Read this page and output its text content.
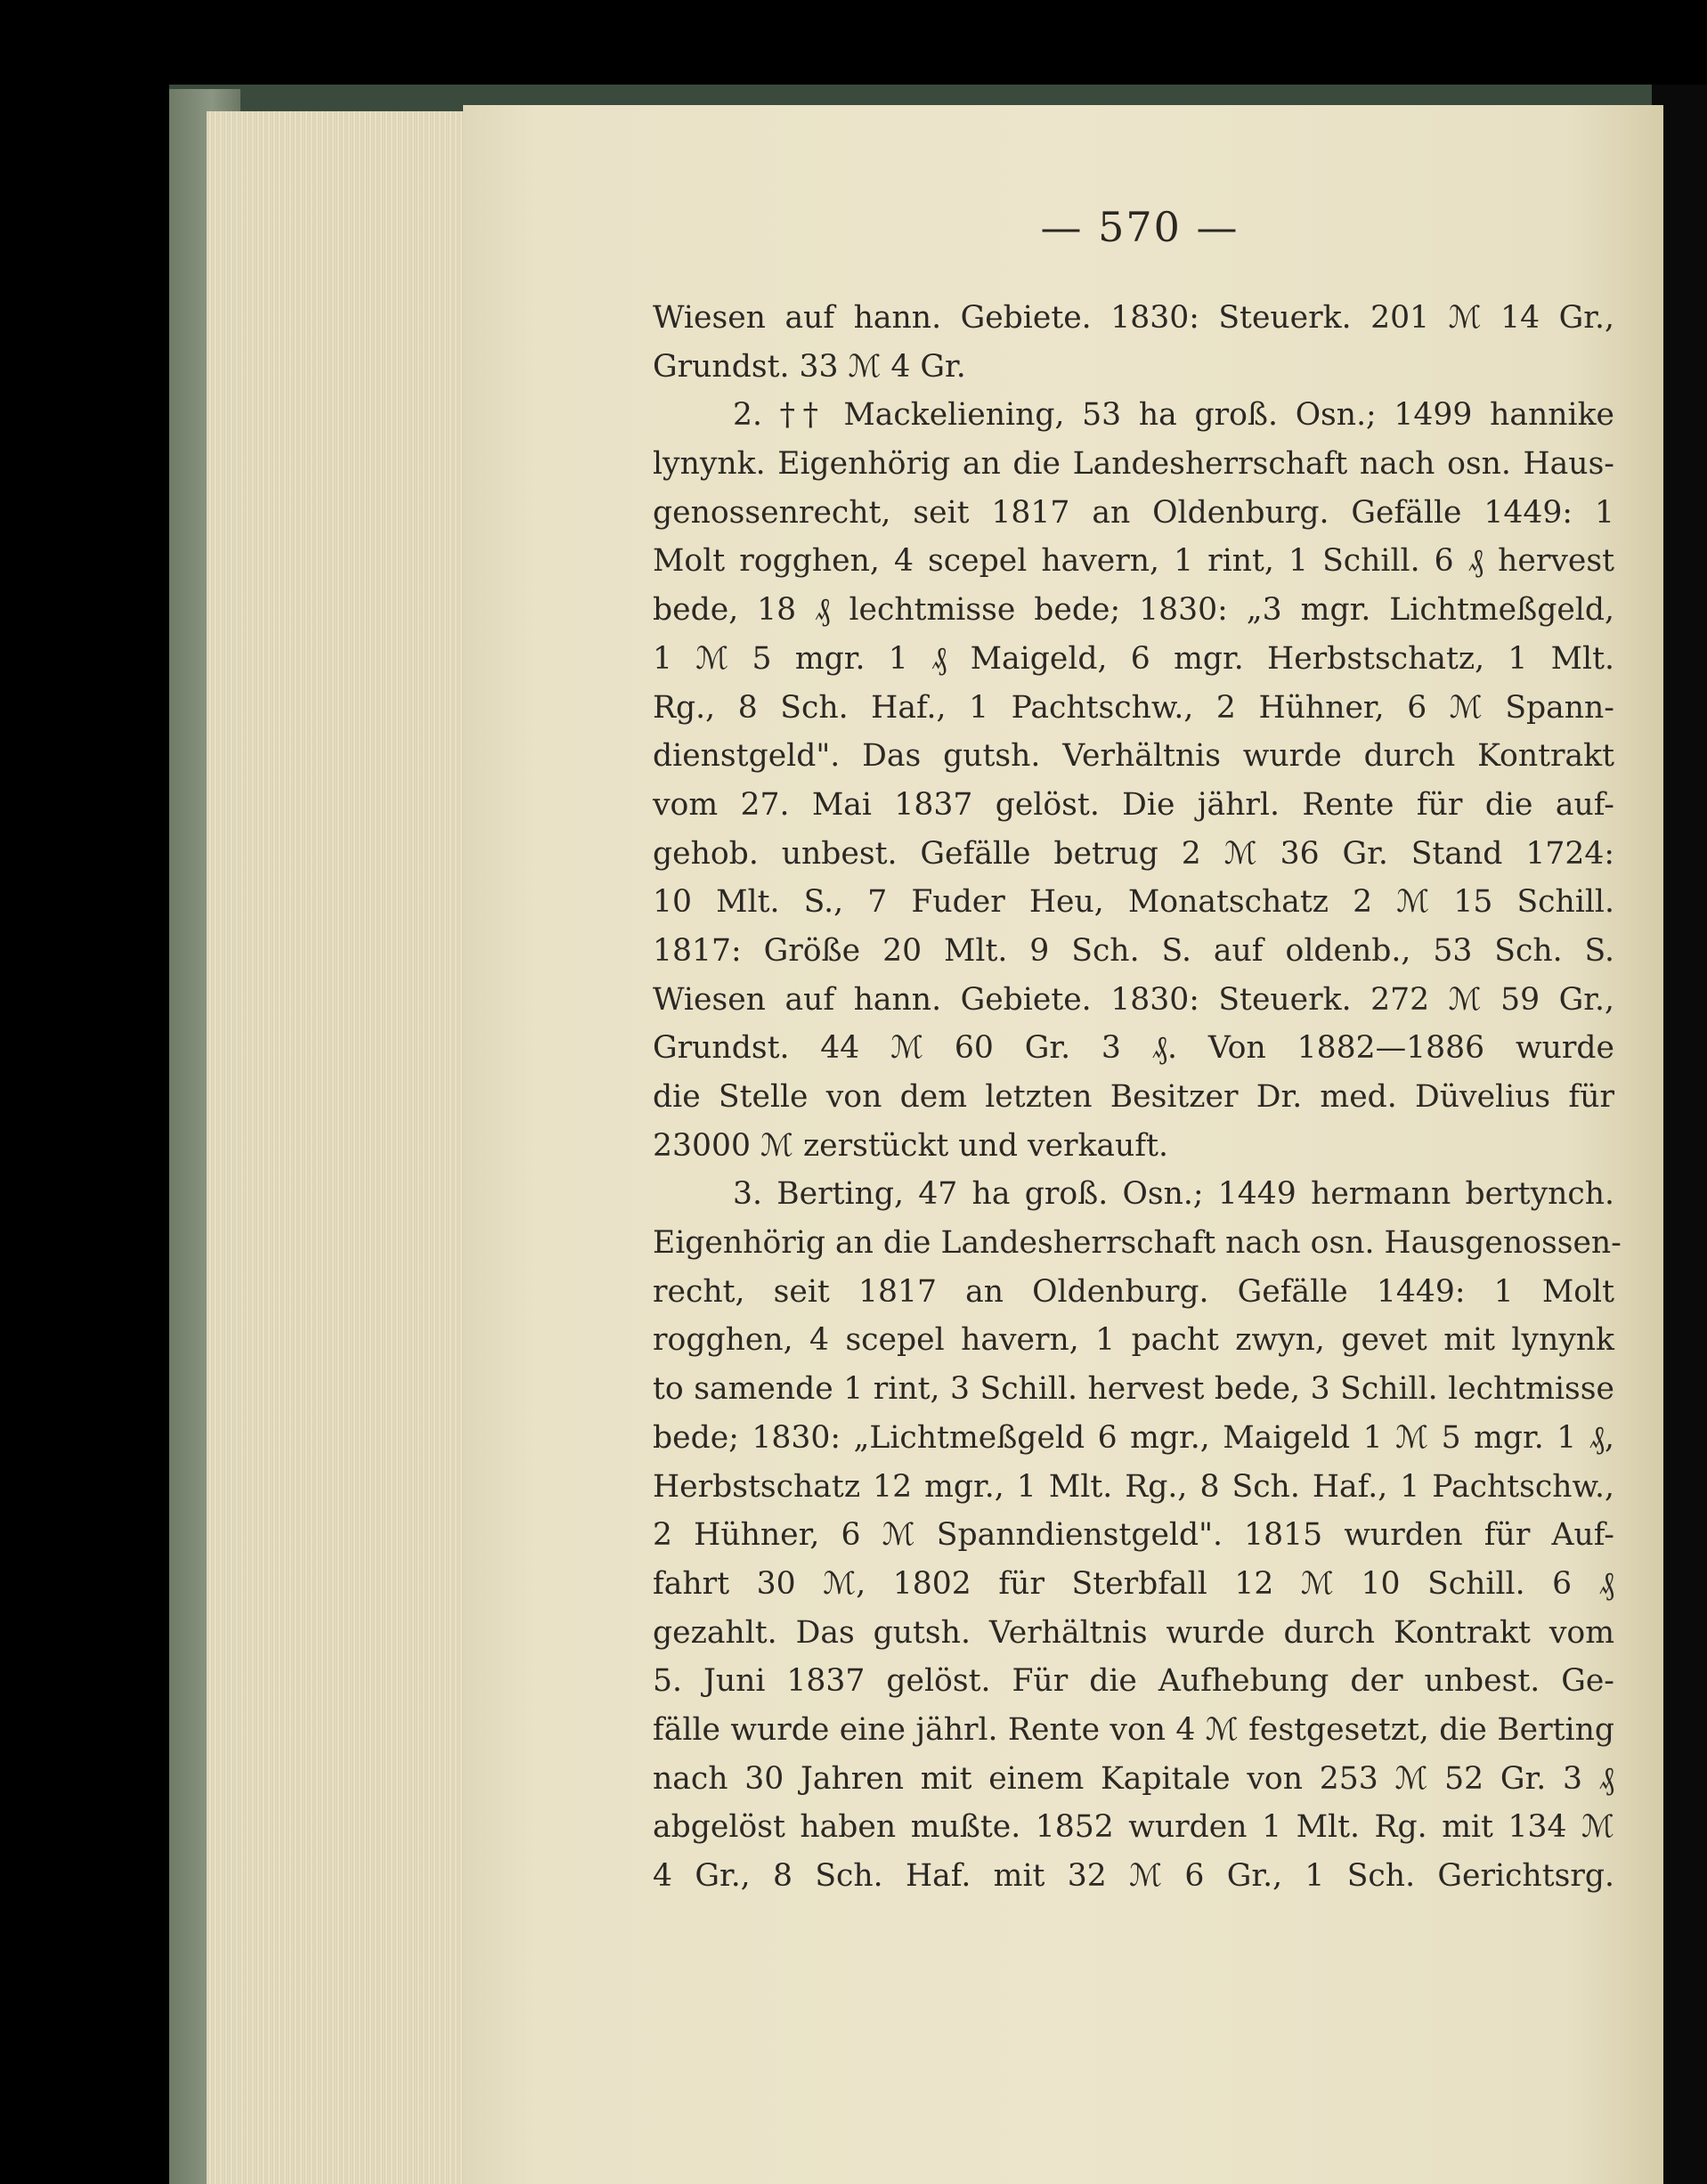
— 570 —
Wiesen auf hann. Gebiete. 1830: Steuerk. 201 ℳ 14 Gr.,
Grundst. 33 ℳ 4 Gr.
2. †† Mackeliening, 53 ha groß. Osn.; 1499 hannike
lynynk. Eigenhörig an die Landesherrschaft nach osn. Haus-
genossenrecht, seit 1817 an Oldenburg. Gefälle 1449: 1
Molt rogghen, 4 scepel havern, 1 rint, 1 Schill. 6 ₰ hervest
bede, 18 ₰ lechtmisse bede; 1830: „3 mgr. Lichtmeßgeld,
1 ℳ 5 mgr. 1 ₰ Maigeld, 6 mgr. Herbstschatz, 1 Mlt.
Rg., 8 Sch. Haf., 1 Pachtschw., 2 Hühner, 6 ℳ Spann-
dienstgeld". Das gutsh. Verhältnis wurde durch Kontrakt
vom 27. Mai 1837 gelöst. Die jährl. Rente für die auf-
gehob. unbest. Gefälle betrug 2 ℳ 36 Gr. Stand 1724:
10 Mlt. S., 7 Fuder Heu, Monatschatz 2 ℳ 15 Schill.
1817: Größe 20 Mlt. 9 Sch. S. auf oldenb., 53 Sch. S.
Wiesen auf hann. Gebiete. 1830: Steuerk. 272 ℳ 59 Gr.,
Grundst. 44 ℳ 60 Gr. 3 ₰. Von 1882—1886 wurde
die Stelle von dem letzten Besitzer Dr. med. Düvelius für
23000 ℳ zerstückt und verkauft.
3. Berting, 47 ha groß. Osn.; 1449 hermann bertynch.
Eigenhörig an die Landesherrschaft nach osn. Hausgenossen-
recht, seit 1817 an Oldenburg. Gefälle 1449: 1 Molt
rogghen, 4 scepel havern, 1 pacht zwyn, gevet mit lynynk
to samende 1 rint, 3 Schill. hervest bede, 3 Schill. lechtmisse
bede; 1830: „Lichtmeßgeld 6 mgr., Maigeld 1 ℳ 5 mgr. 1 ₰,
Herbstschatz 12 mgr., 1 Mlt. Rg., 8 Sch. Haf., 1 Pachtschw.,
2 Hühner, 6 ℳ Spanndienstgeld". 1815 wurden für Auf-
fahrt 30 ℳ, 1802 für Sterbfall 12 ℳ 10 Schill. 6 ₰
gezahlt. Das gutsh. Verhältnis wurde durch Kontrakt vom
5. Juni 1837 gelöst. Für die Aufhebung der unbest. Ge-
fälle wurde eine jährl. Rente von 4 ℳ festgesetzt, die Berting
nach 30 Jahren mit einem Kapitale von 253 ℳ 52 Gr. 3 ₰
abgelöst haben mußte. 1852 wurden 1 Mlt. Rg. mit 134 ℳ
4 Gr., 8 Sch. Haf. mit 32 ℳ 6 Gr., 1 Sch. Gerichtsrg.
